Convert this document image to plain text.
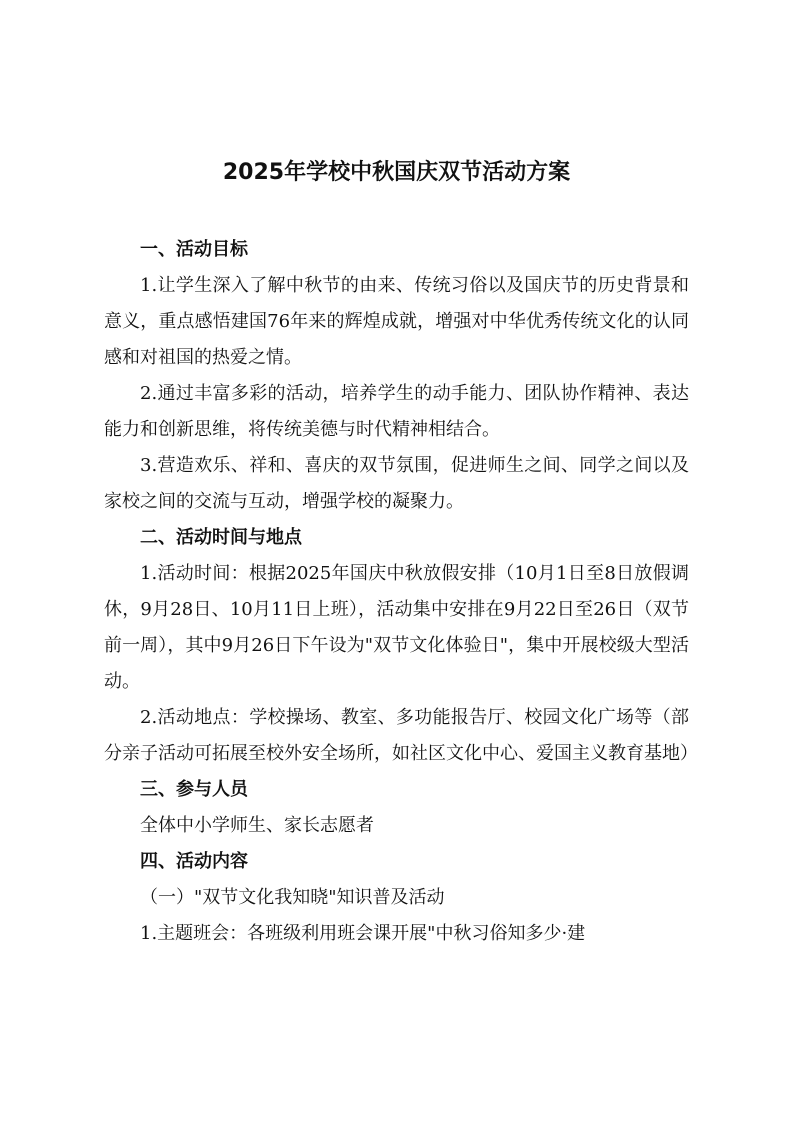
2025年学校中秋国庆双节活动方案

一、活动目标

1.让学生深入了解中秋节的由来、传统习俗以及国庆节的历史背景和意义，重点感悟建国76年来的辉煌成就，增强对中华优秀传统文化的认同感和对祖国的热爱之情。

2.通过丰富多彩的活动，培养学生的动手能力、团队协作精神、表达能力和创新思维，将传统美德与时代精神相结合。

3.营造欢乐、祥和、喜庆的双节氛围，促进师生之间、同学之间以及家校之间的交流与互动，增强学校的凝聚力。

二、活动时间与地点

1.活动时间：根据2025年国庆中秋放假安排（10月1日至8日放假调休，9月28日、10月11日上班），活动集中安排在9月22日至26日（双节前一周），其中9月26日下午设为"双节文化体验日"，集中开展校级大型活动。

2.活动地点：学校操场、教室、多功能报告厅、校园文化广场等（部分亲子活动可拓展至校外安全场所，如社区文化中心、爱国主义教育基地）

三、参与人员

全体中小学师生、家长志愿者

四、活动内容

（一）"双节文化我知晓"知识普及活动

1.主题班会：各班级利用班会课开展"中秋习俗知多少·建
